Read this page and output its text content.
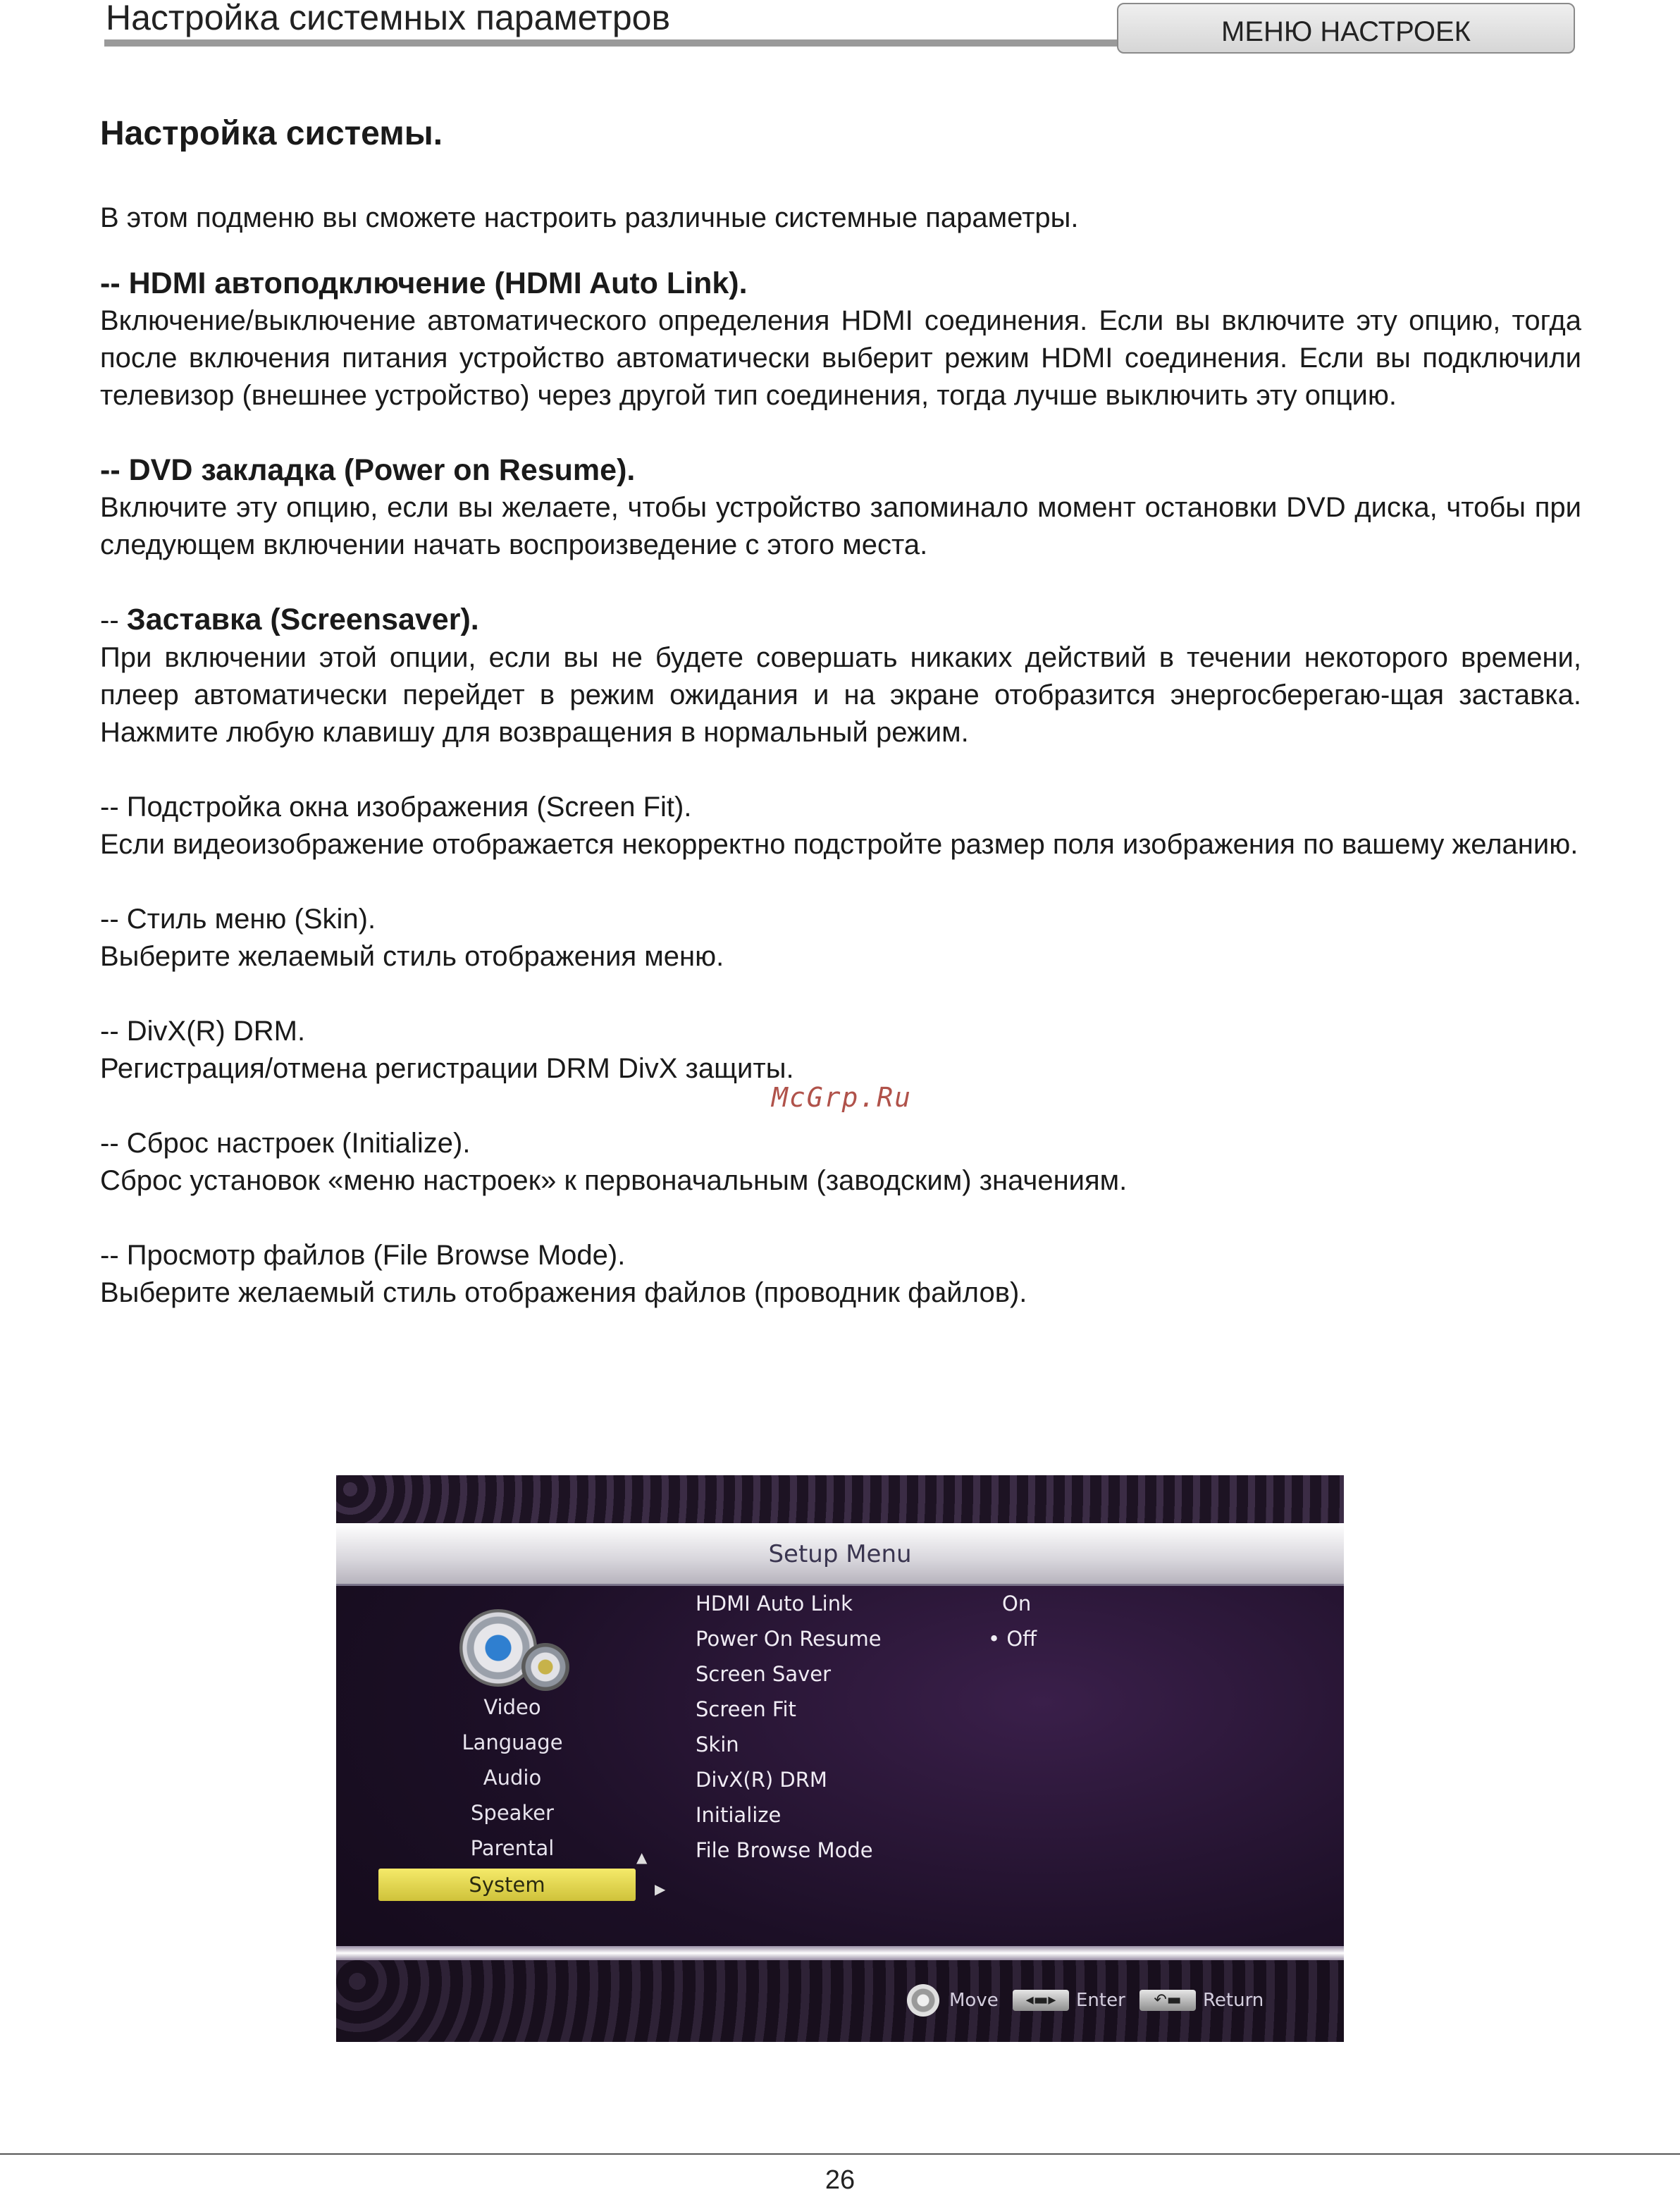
Настройка системных параметров	МЕНЮ НАСТРОЕК
Настройка системы.

В этом подменю вы сможете настроить различные системные параметры.

-- HDMI автоподключение (HDMI Auto Link).

Включение/выключение автоматического определения HDMI соединения. Если вы включите эту опцию, тогда после включения питания устройство автоматически выберит режим HDMI соединения. Если вы подключили телевизор (внешнее устройство) через другой тип соединения, тогда лучше выключить эту опцию.

-- DVD закладка (Power on Resume).

Включите эту опцию, если вы желаете, чтобы устройство запоминало момент остановки DVD диска, чтобы при следующем включении начать воспроизведение с этого места.

-- Заставка (Screensaver).

При включении этой опции, если вы не будете совершать никаких действий в течении некоторого времени, плеер автоматически перейдет в режим ожидания и на экране отобразится энергосберегаю-щая заставка. Нажмите любую клавишу для возвращения в нормальный режим.

-- Подстройка окна изображения (Screen Fit).

Если видеоизображение отображается некорректно подстройте размер поля изображения по вашему желанию.

-- Стиль меню (Skin).

Выберите желаемый стиль отображения меню.

-- DivX(R) DRM.

Регистрация/отмена регистрации DRM DivX защиты.

-- Сброс настроек (Initialize).

Сброс установок «меню настроек» к первоначальным (заводским) значениям.

-- Просмотр файлов (File Browse Mode).

Выберите желаемый стиль отображения файлов (проводник файлов).

McGrp.Ru
Setup Menu
Video
Language
Audio
Speaker
Parental
System
▲
▶
HDMI Auto Link	On
Power On Resume	• Off
Screen Saver
Screen Fit
Skin
DivX(R) DRM
Initialize
File Browse Mode
Move	◂▬▸	Enter	↶▬	Return
26
